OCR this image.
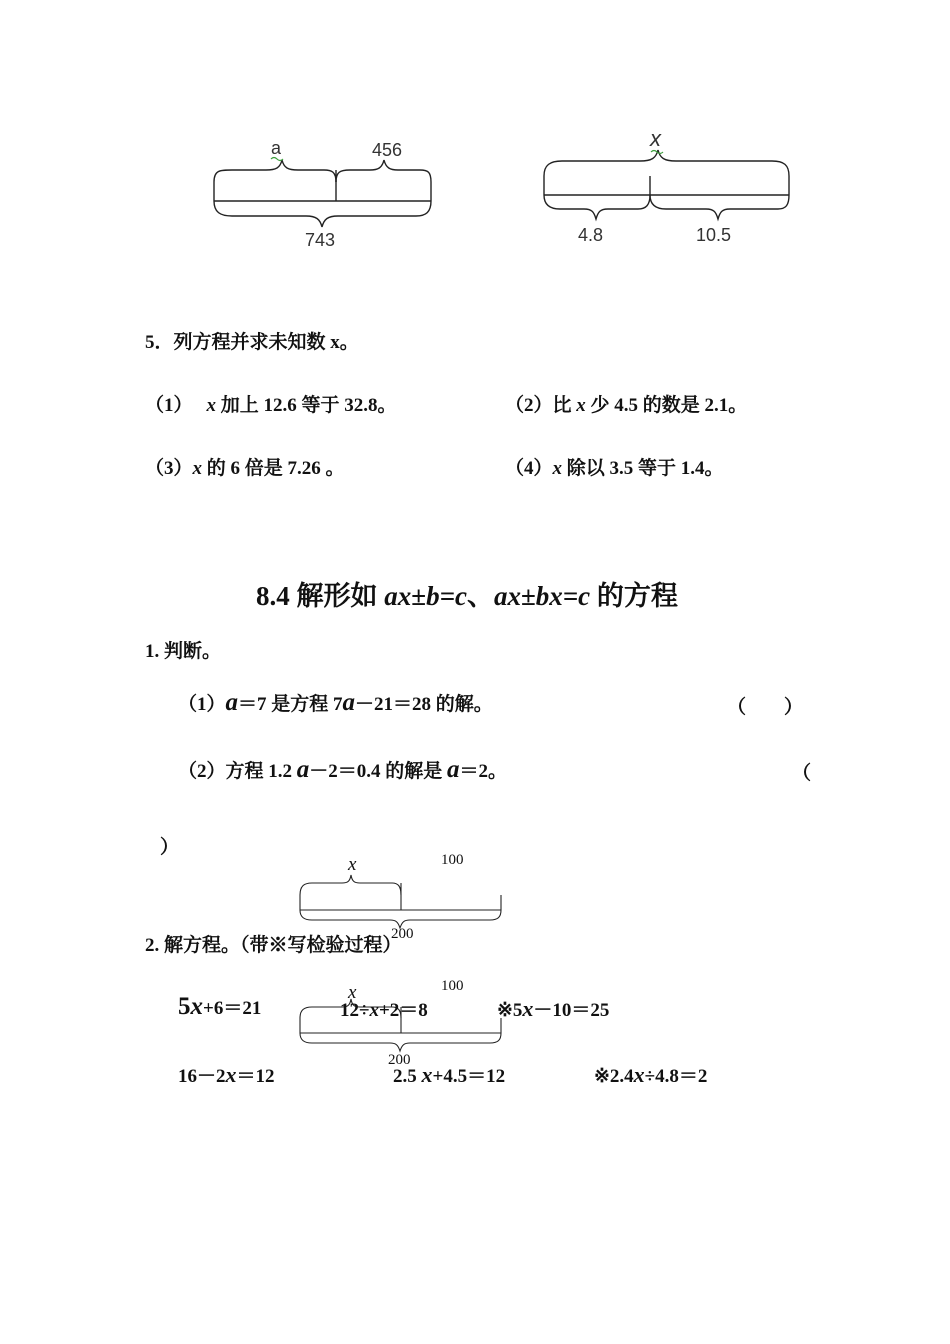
a	456
743
x
4.8	10.5
5．列方程并求未知数 x。
（1） x 加上 12.6 等于 32.8。	（2）比 x 少 4.5 的数是 2.1。
（3）x 的 6 倍是 7.26 。	（4）x 除以 3.5 等于 1.4。
8.4 解形如 ax±b=c、ax±bx=c 的方程
1. 判断。
（1）a＝7 是方程 7a－21＝28 的解。	（　　）
（2）方程 1.2 a－2＝0.4 的解是 a＝2。	（
）
x	100
200
2. 解方程。（带※写检验过程）
x	100
200
5x+6＝21	12÷x+2＝8	※5x－10＝25
16－2x＝12	2.5 x+4.5＝12	※2.4x÷4.8＝2
